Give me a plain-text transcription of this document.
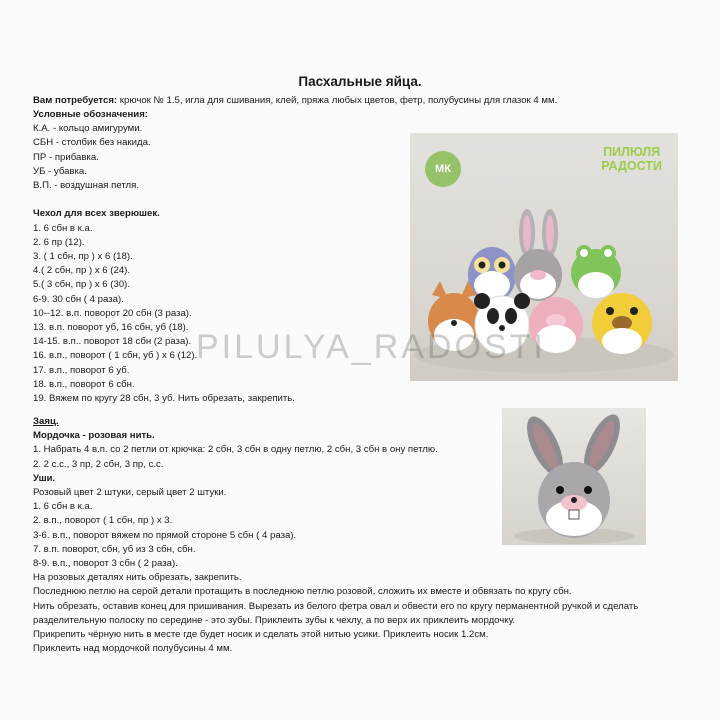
Пасхальные яйца.
Вам потребуется: крючок № 1.5, игла для сшивания, клей, пряжа любых цветов, фетр, полубусины для глазок 4 мм.
Условные обозначения:
К.А. - кольцо амигуруми.
СБН - столбик без накида.
ПР - прибавка.
УБ - убавка.
В.П. - воздушная петля.
Чехол для всех зверюшек.
1. 6 сбн в к.а.
2. 6 пр (12).
3. ( 1 сбн, пр ) х 6 (18).
4.( 2 сбн, пр ) х 6 (24).
5.( 3 сбн, пр ) х 6 (30).
6-9. 30 сбн ( 4 раза).
10--12. в.п. поворот 20 сбн (3 раза).
13. в.п. поворот уб, 16 сбн, уб (18).
14-15. в.п.. поворот 18 сбн (2 раза).
16. в.п., поворот ( 1 сбн, уб ) х 6 (12).
17. в.п., поворот 6 уб.
18. в.п., поворот 6 сбн.
19. Вяжем по кругу 28 сбн, 3 уб. Нить обрезать, закрепить.
Заяц.
Мордочка - розовая нить.
1. Набрать 4 в.п. со 2 петли от крючка: 2 сбн, 3 сбн в одну петлю, 2 сбн, 3 сбн в ону петлю.
2. 2 с.с., 3 пр, 2 сбн, 3 пр, с.с.
Уши.
Розовый цвет 2 штуки, серый цвет 2 штуки.
1. 6 сбн в к.а.
2. в.п., поворот ( 1 сбн, пр ) х 3.
3-6. в.п., поворот вяжем по прямой стороне 5 сбн ( 4 раза).
7. в.п. поворот, сбн, уб из 3 сбн, сбн.
8-9. в.п., поворот 3 сбн ( 2 раза).
На розовых деталях нить обрезать, закрепить.
Последнюю петлю на серой детали протащить в последнюю петлю розовой, сложить их вместе и обвязать по кругу сбн.
Нить обрезать, оставив конец для пришивания. Вырезать из белого фетра овал и обвести его по кругу перманентной ручкой и сделать
разделительную полоску по середине - это зубы. Приклеить зубы к чехлу, а по верх их приклеить мордочку.
Прикрепить чёрную нить в месте где будет носик и сделать этой нитью усики. Приклеить носик 1.2см.
Приклеить над мордочкой полубусины 4 мм.
МК
ПИЛЮЛЯ
РАДОСТИ
PILULYA_RADOSTI
